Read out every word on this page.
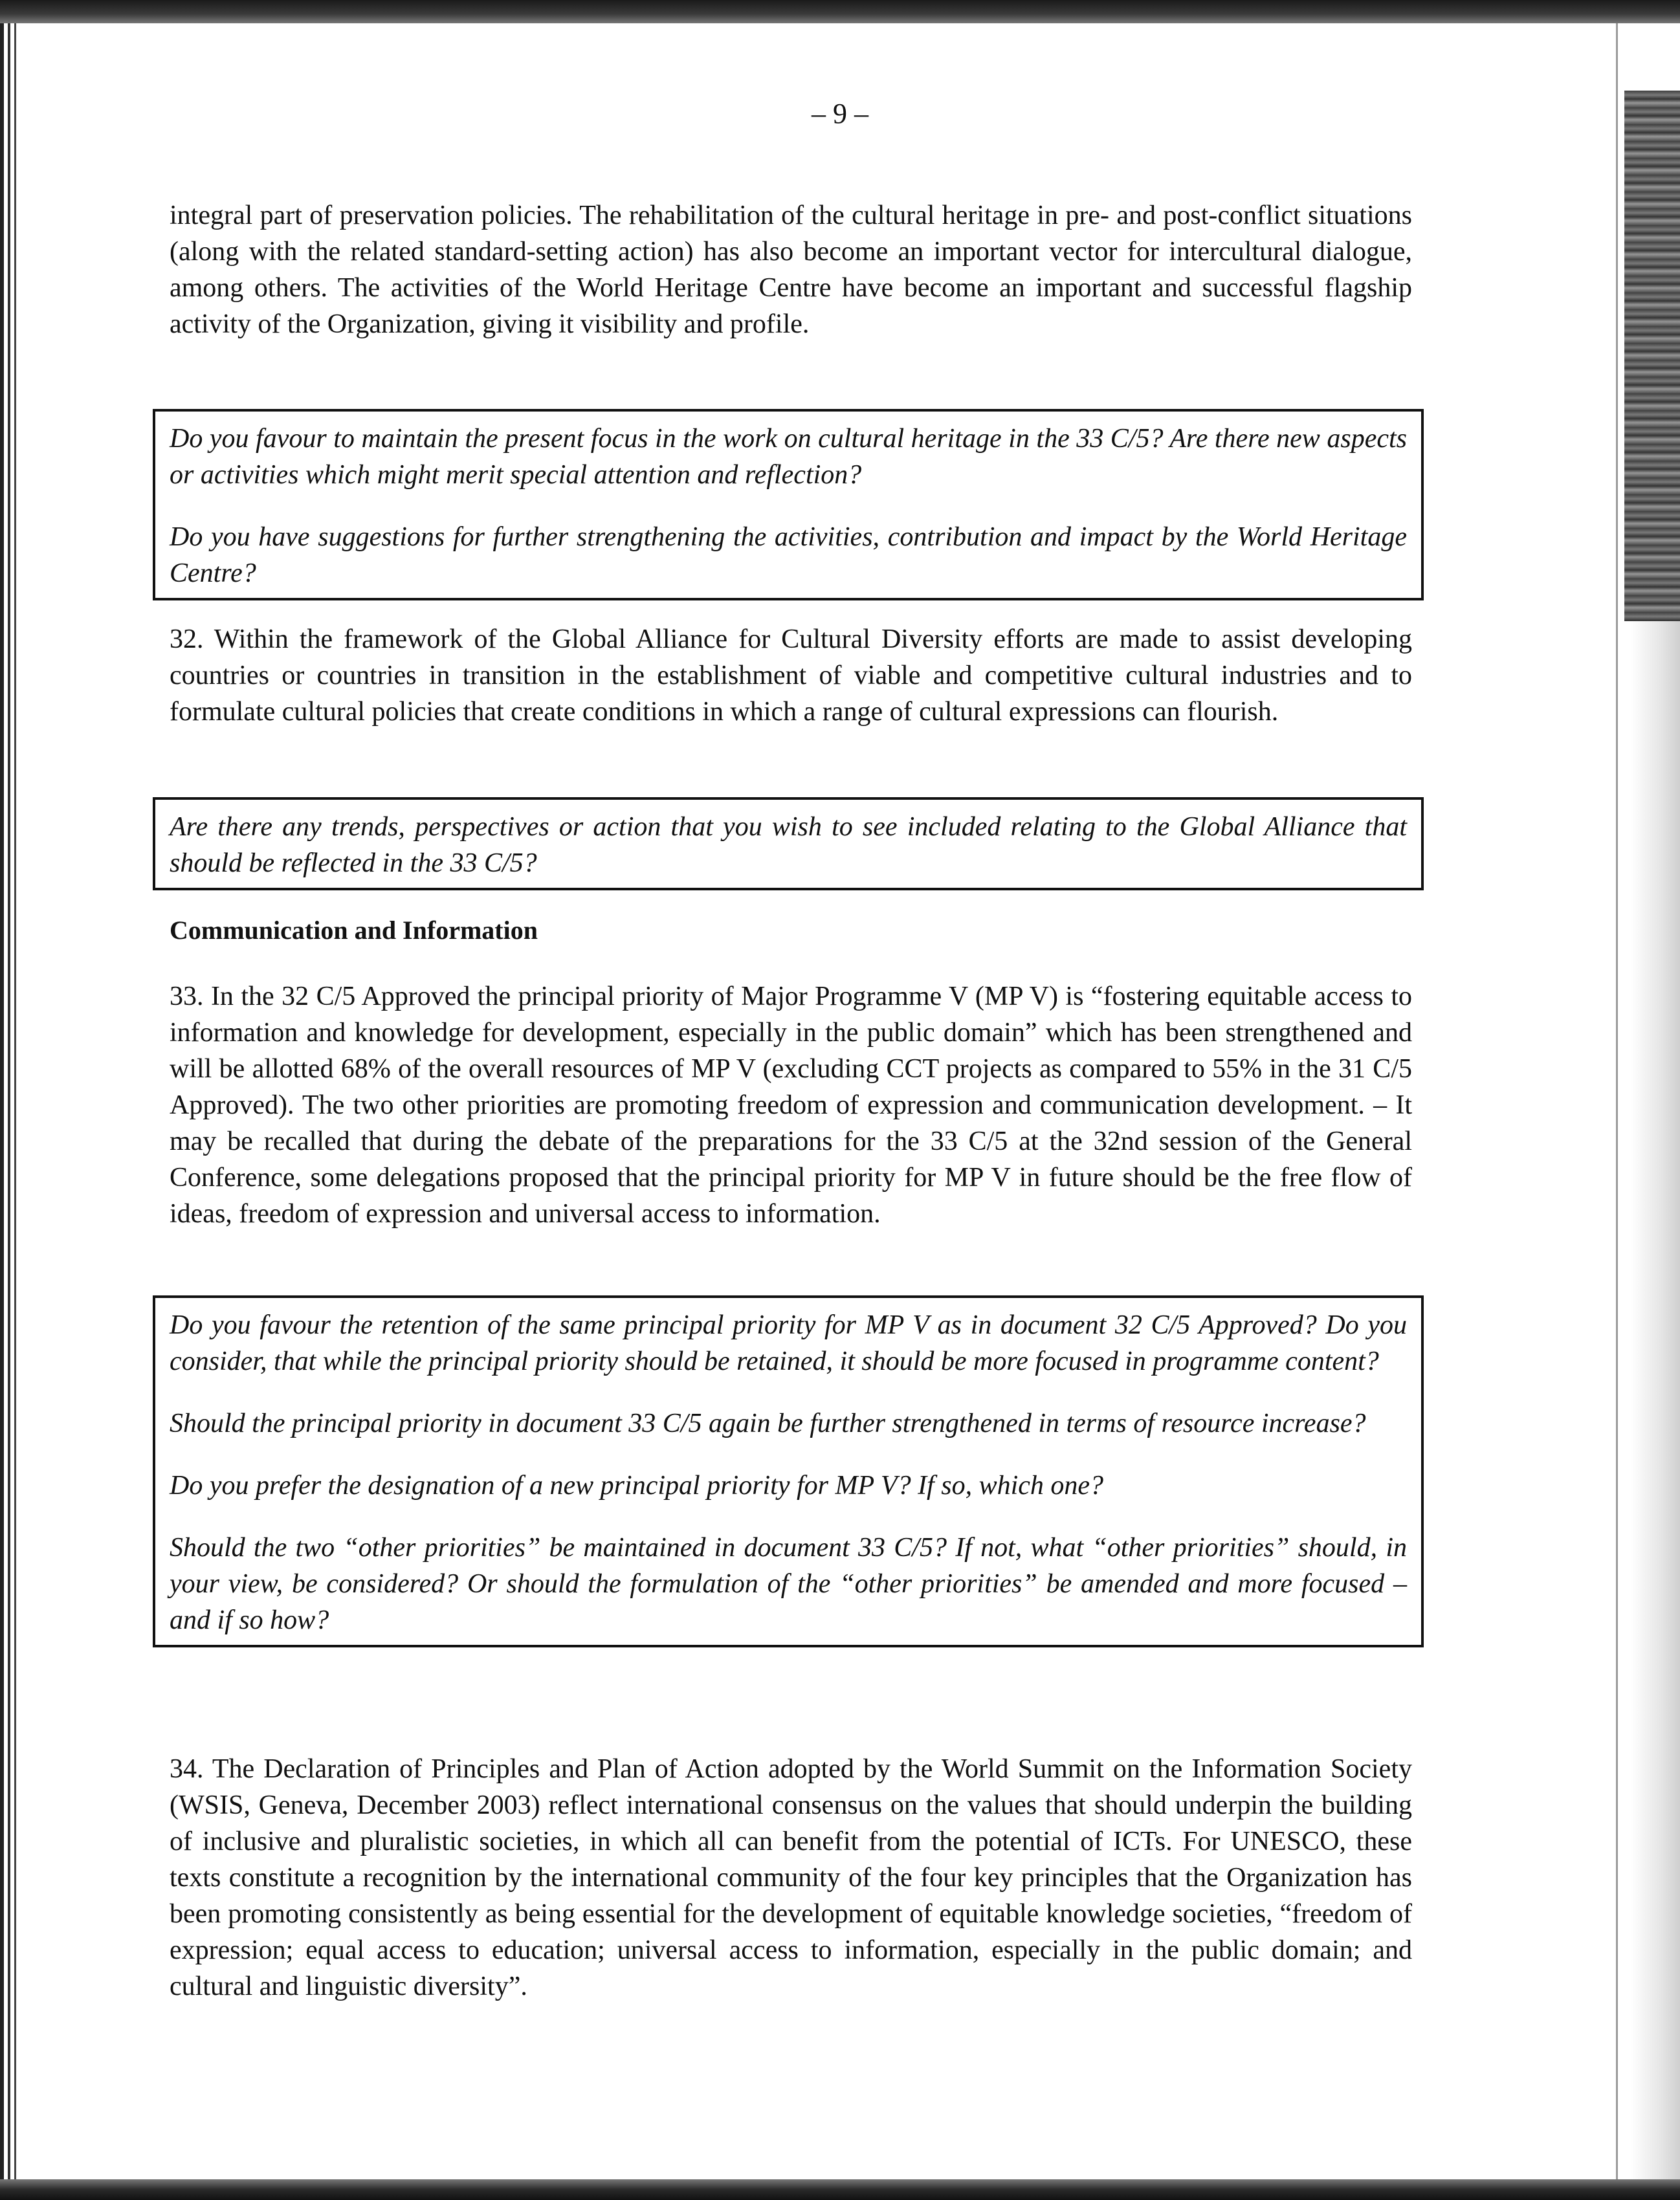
– 9 –

integral part of preservation policies. The rehabilitation of the cultural heritage in pre- and post-conflict situations (along with the related standard-setting action) has also become an important vector for intercultural dialogue, among others. The activities of the World Heritage Centre have become an important and successful flagship activity of the Organization, giving it visibility and profile.

Do you favour to maintain the present focus in the work on cultural heritage in the 33 C/5? Are there new aspects or activities which might merit special attention and reflection?

Do you have suggestions for further strengthening the activities, contribution and impact by the World Heritage Centre?

32. Within the framework of the Global Alliance for Cultural Diversity efforts are made to assist developing countries or countries in transition in the establishment of viable and competitive cultural industries and to formulate cultural policies that create conditions in which a range of cultural expressions can flourish.

Are there any trends, perspectives or action that you wish to see included relating to the Global Alliance that should be reflected in the 33 C/5?

Communication and Information

33. In the 32 C/5 Approved the principal priority of Major Programme V (MP V) is “fostering equitable access to information and knowledge for development, especially in the public domain” which has been strengthened and will be allotted 68% of the overall resources of MP V (excluding CCT projects as compared to 55% in the 31 C/5 Approved). The two other priorities are promoting freedom of expression and communication development. – It may be recalled that during the debate of the preparations for the 33 C/5 at the 32nd session of the General Conference, some delegations proposed that the principal priority for MP V in future should be the free flow of ideas, freedom of expression and universal access to information.

Do you favour the retention of the same principal priority for MP V as in document 32 C/5 Approved? Do you consider, that while the principal priority should be retained, it should be more focused in programme content?

Should the principal priority in document 33 C/5 again be further strengthened in terms of resource increase?

Do you prefer the designation of a new principal priority for MP V? If so, which one?

Should the two “other priorities” be maintained in document 33 C/5? If not, what “other priorities” should, in your view, be considered? Or should the formulation of the “other priorities” be amended and more focused – and if so how?

34. The Declaration of Principles and Plan of Action adopted by the World Summit on the Information Society (WSIS, Geneva, December 2003) reflect international consensus on the values that should underpin the building of inclusive and pluralistic societies, in which all can benefit from the potential of ICTs. For UNESCO, these texts constitute a recognition by the international community of the four key principles that the Organization has been promoting consistently as being essential for the development of equitable knowledge societies, “freedom of expression; equal access to education; universal access to information, especially in the public domain; and cultural and linguistic diversity”.
